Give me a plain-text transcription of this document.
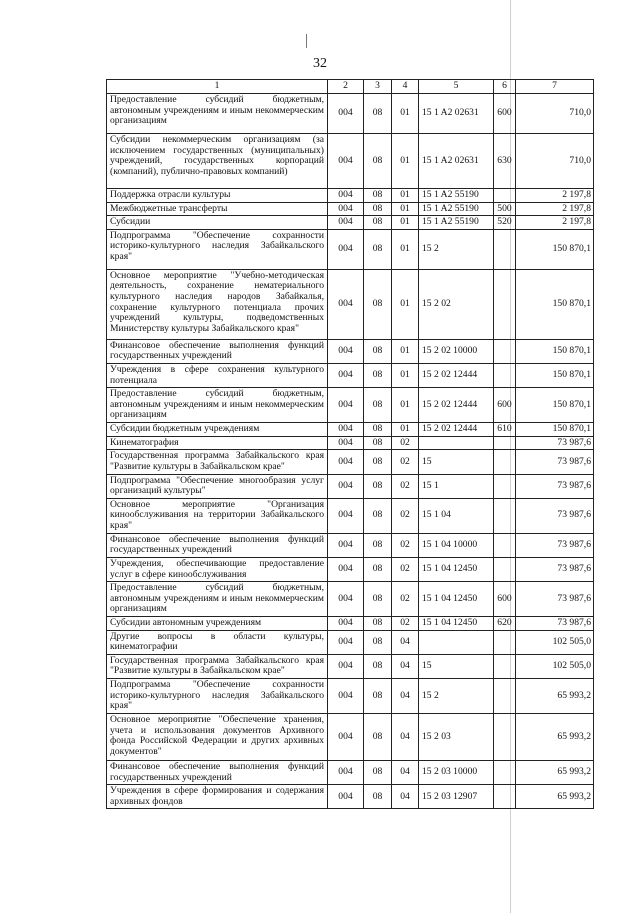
32
1	2	3	4	5	6	7
Предоставление субсидий бюджетным, автономным учреждениям и иным некоммерческим организациям	004	08	01	15 1 A2 02631	600	710,0
Субсидии некоммерческим организациям (за исключением государственных (муниципальных) учреждений, государственных корпораций (компаний), публично-правовых компаний)	004	08	01	15 1 A2 02631	630	710,0
Поддержка отрасли культуры	004	08	01	15 1 A2 55190		2 197,8
Межбюджетные трансферты	004	08	01	15 1 A2 55190	500	2 197,8
Субсидии	004	08	01	15 1 A2 55190	520	2 197,8
Подпрограмма "Обеспечение сохранности историко-культурного наследия Забайкальского края"	004	08	01	15 2		150 870,1
Основное мероприятие "Учебно-методическая деятельность, сохранение нематериального культурного наследия народов Забайкалья, сохранение культурного потенциала прочих учреждений культуры, подведомственных Министерству культуры Забайкальского края"	004	08	01	15 2 02		150 870,1
Финансовое обеспечение выполнения функций государственных учреждений	004	08	01	15 2 02 10000		150 870,1
Учреждения в сфере сохранения культурного потенциала	004	08	01	15 2 02 12444		150 870,1
Предоставление субсидий бюджетным, автономным учреждениям и иным некоммерческим организациям	004	08	01	15 2 02 12444	600	150 870,1
Субсидии бюджетным учреждениям	004	08	01	15 2 02 12444	610	150 870,1
Кинематография	004	08	02			73 987,6
Государственная программа Забайкальского края "Развитие культуры в Забайкальском крае"	004	08	02	15		73 987,6
Подпрограмма "Обеспечение многообразия услуг организаций культуры"	004	08	02	15 1		73 987,6
Основное мероприятие "Организация кинообслуживания на территории Забайкальского края"	004	08	02	15 1 04		73 987,6
Финансовое обеспечение выполнения функций государственных учреждений	004	08	02	15 1 04 10000		73 987,6
Учреждения, обеспечивающие предоставление услуг в сфере кинообслуживания	004	08	02	15 1 04 12450		73 987,6
Предоставление субсидий бюджетным, автономным учреждениям и иным некоммерческим организациям	004	08	02	15 1 04 12450	600	73 987,6
Субсидии автономным учреждениям	004	08	02	15 1 04 12450	620	73 987,6
Другие вопросы в области культуры, кинематографии	004	08	04			102 505,0
Государственная программа Забайкальского края "Развитие культуры в Забайкальском крае"	004	08	04	15		102 505,0
Подпрограмма "Обеспечение сохранности историко-культурного наследия Забайкальского края"	004	08	04	15 2		65 993,2
Основное мероприятие "Обеспечение хранения, учета и использования документов Архивного фонда Российской Федерации и других архивных документов"	004	08	04	15 2 03		65 993,2
Финансовое обеспечение выполнения функций государственных учреждений	004	08	04	15 2 03 10000		65 993,2
Учреждения в сфере формирования и содержания архивных фондов	004	08	04	15 2 03 12907		65 993,2
